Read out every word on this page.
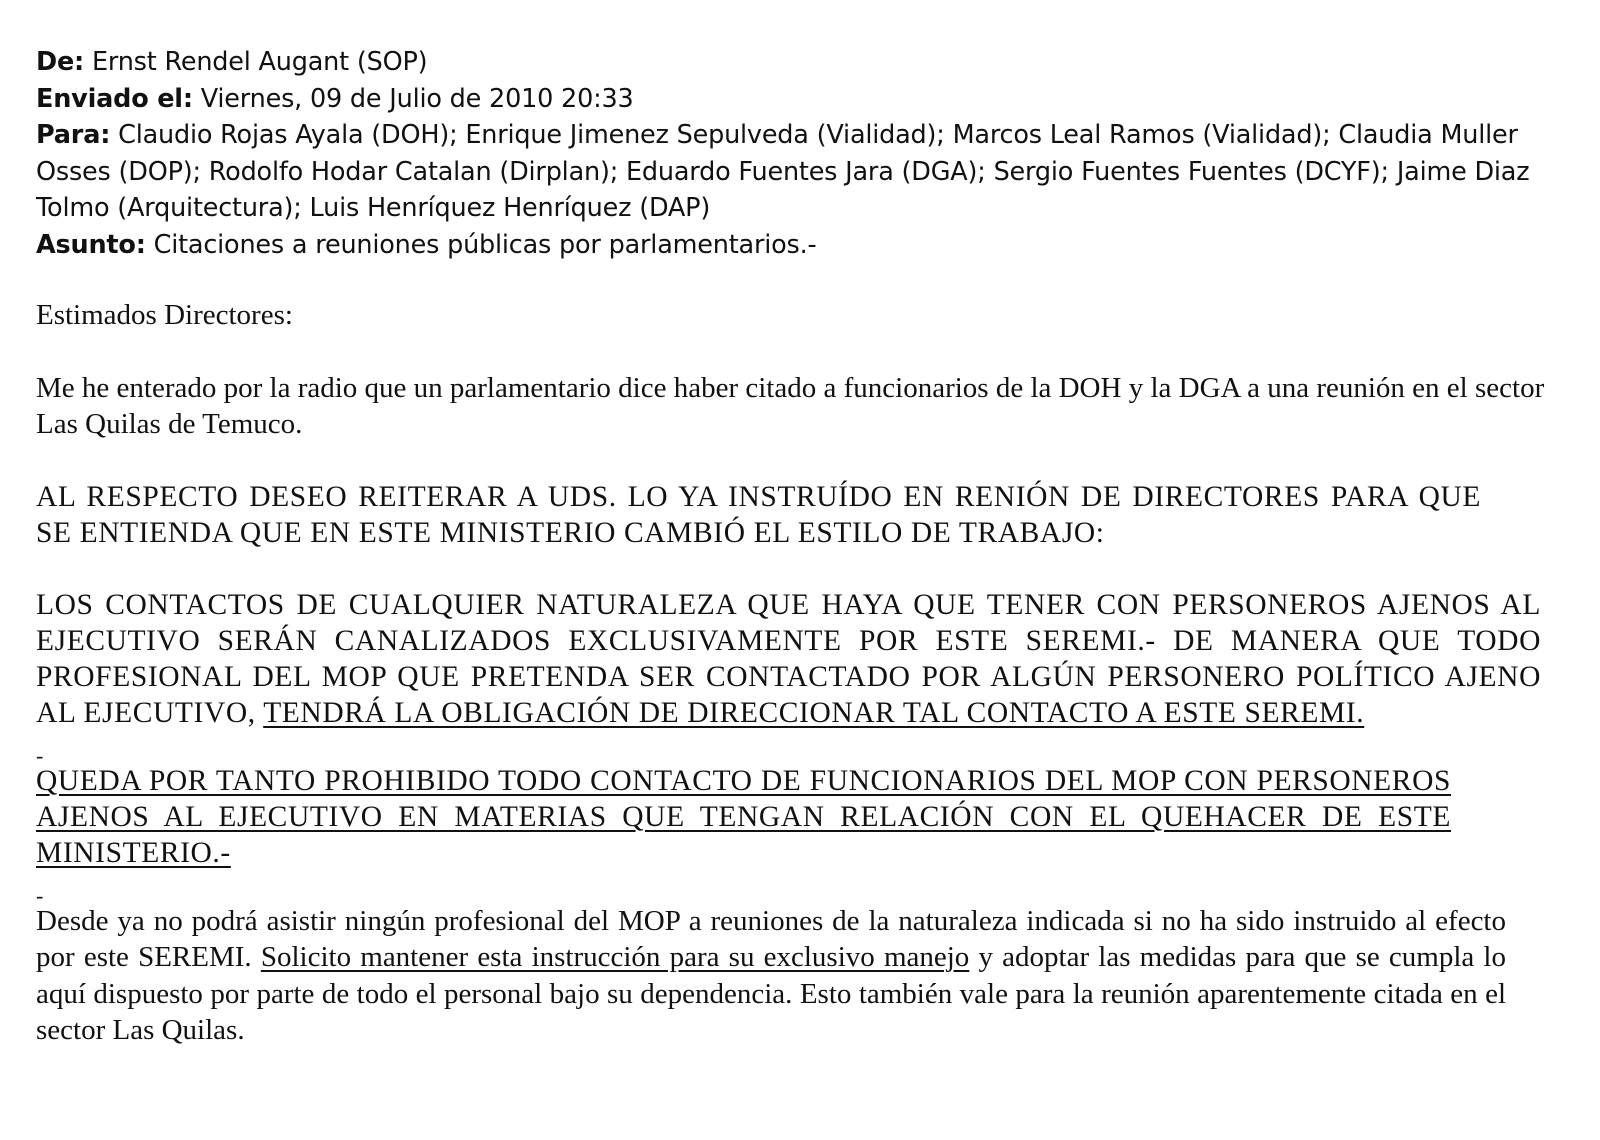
De: Ernst Rendel Augant (SOP)

Enviado el: Viernes, 09 de Julio de 2010 20:33

Para: Claudio Rojas Ayala (DOH); Enrique Jimenez Sepulveda (Vialidad); Marcos Leal Ramos (Vialidad); Claudia Muller Osses (DOP); Rodolfo Hodar Catalan (Dirplan); Eduardo Fuentes Jara (DGA); Sergio Fuentes Fuentes (DCYF); Jaime Diaz Tolmo (Arquitectura); Luis Henríquez Henríquez (DAP)

Asunto: Citaciones a reuniones públicas por parlamentarios.-

Estimados Directores:

Me he enterado por la radio que un parlamentario dice haber citado a funcionarios de la DOH y la DGA a una reunión en el sector Las Quilas de Temuco.

AL RESPECTO DESEO REITERAR A UDS. LO YA INSTRUÍDO EN RENIÓN DE DIRECTORES PARA QUE SE ENTIENDA QUE EN ESTE MINISTERIO CAMBIÓ EL ESTILO DE TRABAJO:

LOS CONTACTOS DE CUALQUIER NATURALEZA QUE HAYA QUE TENER CON PERSONEROS AJENOS AL EJECUTIVO SERÁN CANALIZADOS EXCLUSIVAMENTE POR ESTE SEREMI.- DE MANERA QUE TODO PROFESIONAL DEL MOP QUE PRETENDA SER CONTACTADO POR ALGÚN PERSONERO POLÍTICO AJENO AL EJECUTIVO, TENDRÁ LA OBLIGACIÓN DE DIRECCIONAR TAL CONTACTO A ESTE SEREMI.

-

QUEDA POR TANTO PROHIBIDO TODO CONTACTO DE FUNCIONARIOS DEL MOP CON PERSONEROS AJENOS AL EJECUTIVO EN MATERIAS QUE TENGAN RELACIÓN CON EL QUEHACER DE ESTE MINISTERIO.-

-

Desde ya no podrá asistir ningún profesional del MOP a reuniones de la naturaleza indicada si no ha sido instruido al efecto por este SEREMI. Solicito mantener esta instrucción para su exclusivo manejo y adoptar las medidas para que se cumpla lo aquí dispuesto por parte de todo el personal bajo su dependencia. Esto también vale para la reunión aparentemente citada en el sector Las Quilas.
